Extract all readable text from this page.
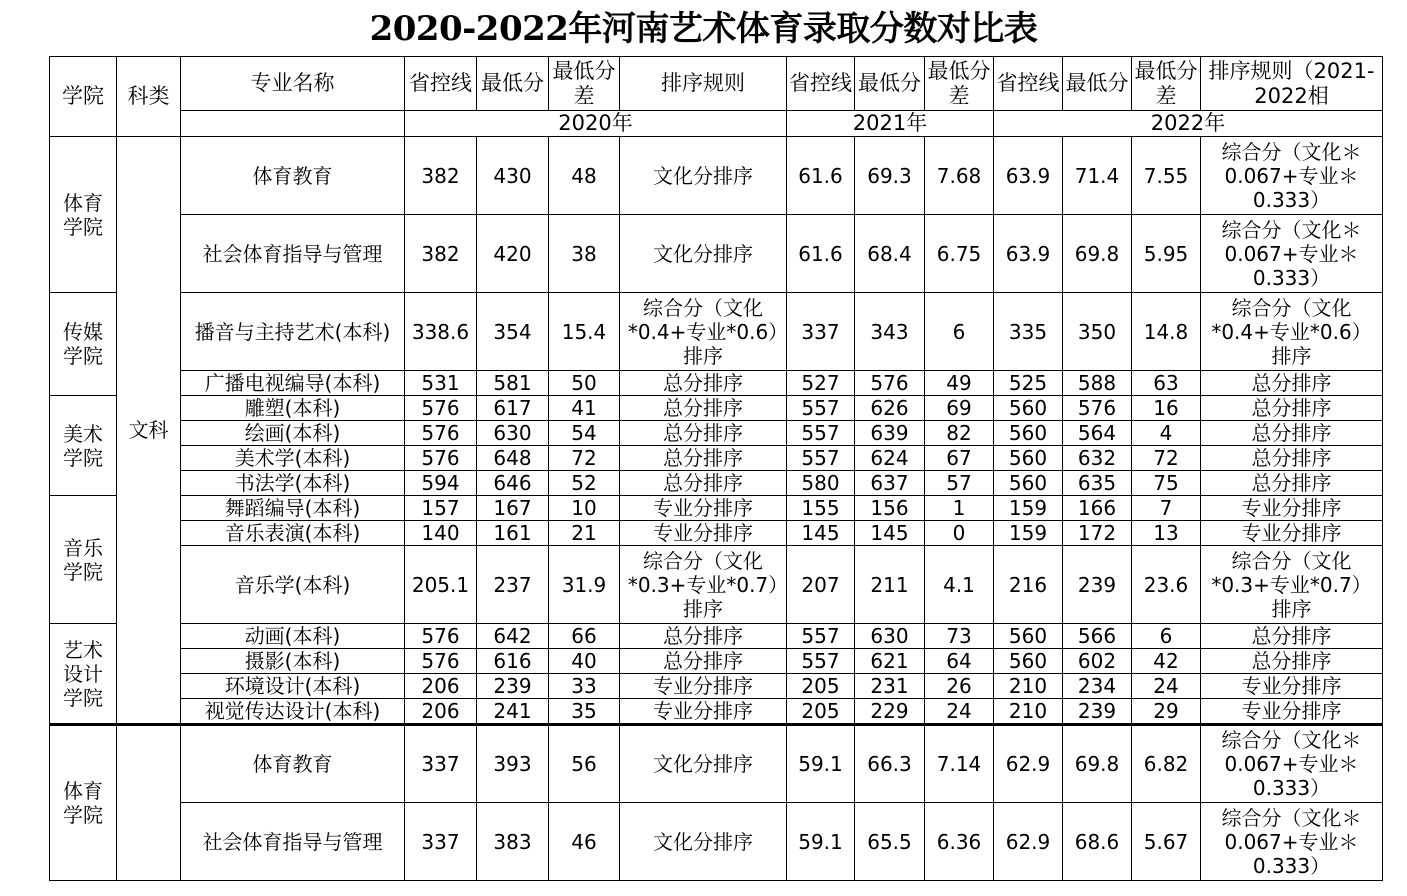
2020-2022年河南艺术体育录取分数对比表
学院	科类	专业名称	省控线	最低分	最低分差	排序规则	省控线	最低分	最低分差	省控线	最低分	最低分差	排序规则（2021-2022相
			2020年				2021年			2022年			
体育学院	文科	体育教育	382	430	48	文化分排序	61.6	69.3	7.68	63.9	71.4	7.55	综合分（文化＊0.067+专业＊0.333）
		社会体育指导与管理	382	420	38	文化分排序	61.6	68.4	6.75	63.9	69.8	5.95	综合分（文化＊0.067+专业＊0.333）
传媒学院		播音与主持艺术(本科)	338.6	354	15.4	综合分（文化*0.4+专业*0.6）排序	337	343	6	335	350	14.8	综合分（文化*0.4+专业*0.6）排序
		广播电视编导(本科)	531	581	50	总分排序	527	576	49	525	588	63	总分排序
美术学院		雕塑(本科)	576	617	41	总分排序	557	626	69	560	576	16	总分排序
		绘画(本科)	576	630	54	总分排序	557	639	82	560	564	4	总分排序
		美术学(本科)	576	648	72	总分排序	557	624	67	560	632	72	总分排序
		书法学(本科)	594	646	52	总分排序	580	637	57	560	635	75	总分排序
音乐学院		舞蹈编导(本科)	157	167	10	专业分排序	155	156	1	159	166	7	专业分排序
		音乐表演(本科)	140	161	21	专业分排序	145	145	0	159	172	13	专业分排序
		音乐学(本科)	205.1	237	31.9	综合分（文化*0.3+专业*0.7）排序	207	211	4.1	216	239	23.6	综合分（文化*0.3+专业*0.7）排序
艺术设计学院		动画(本科)	576	642	66	总分排序	557	630	73	560	566	6	总分排序
		摄影(本科)	576	616	40	总分排序	557	621	64	560	602	42	总分排序
		环境设计(本科)	206	239	33	专业分排序	205	231	26	210	234	24	专业分排序
		视觉传达设计(本科)	206	241	35	专业分排序	205	229	24	210	239	29	专业分排序
体育学院		体育教育	337	393	56	文化分排序	59.1	66.3	7.14	62.9	69.8	6.82	综合分（文化＊0.067+专业＊0.333）
		社会体育指导与管理	337	383	46	文化分排序	59.1	65.5	6.36	62.9	68.6	5.67	综合分（文化＊0.067+专业＊0.333）
